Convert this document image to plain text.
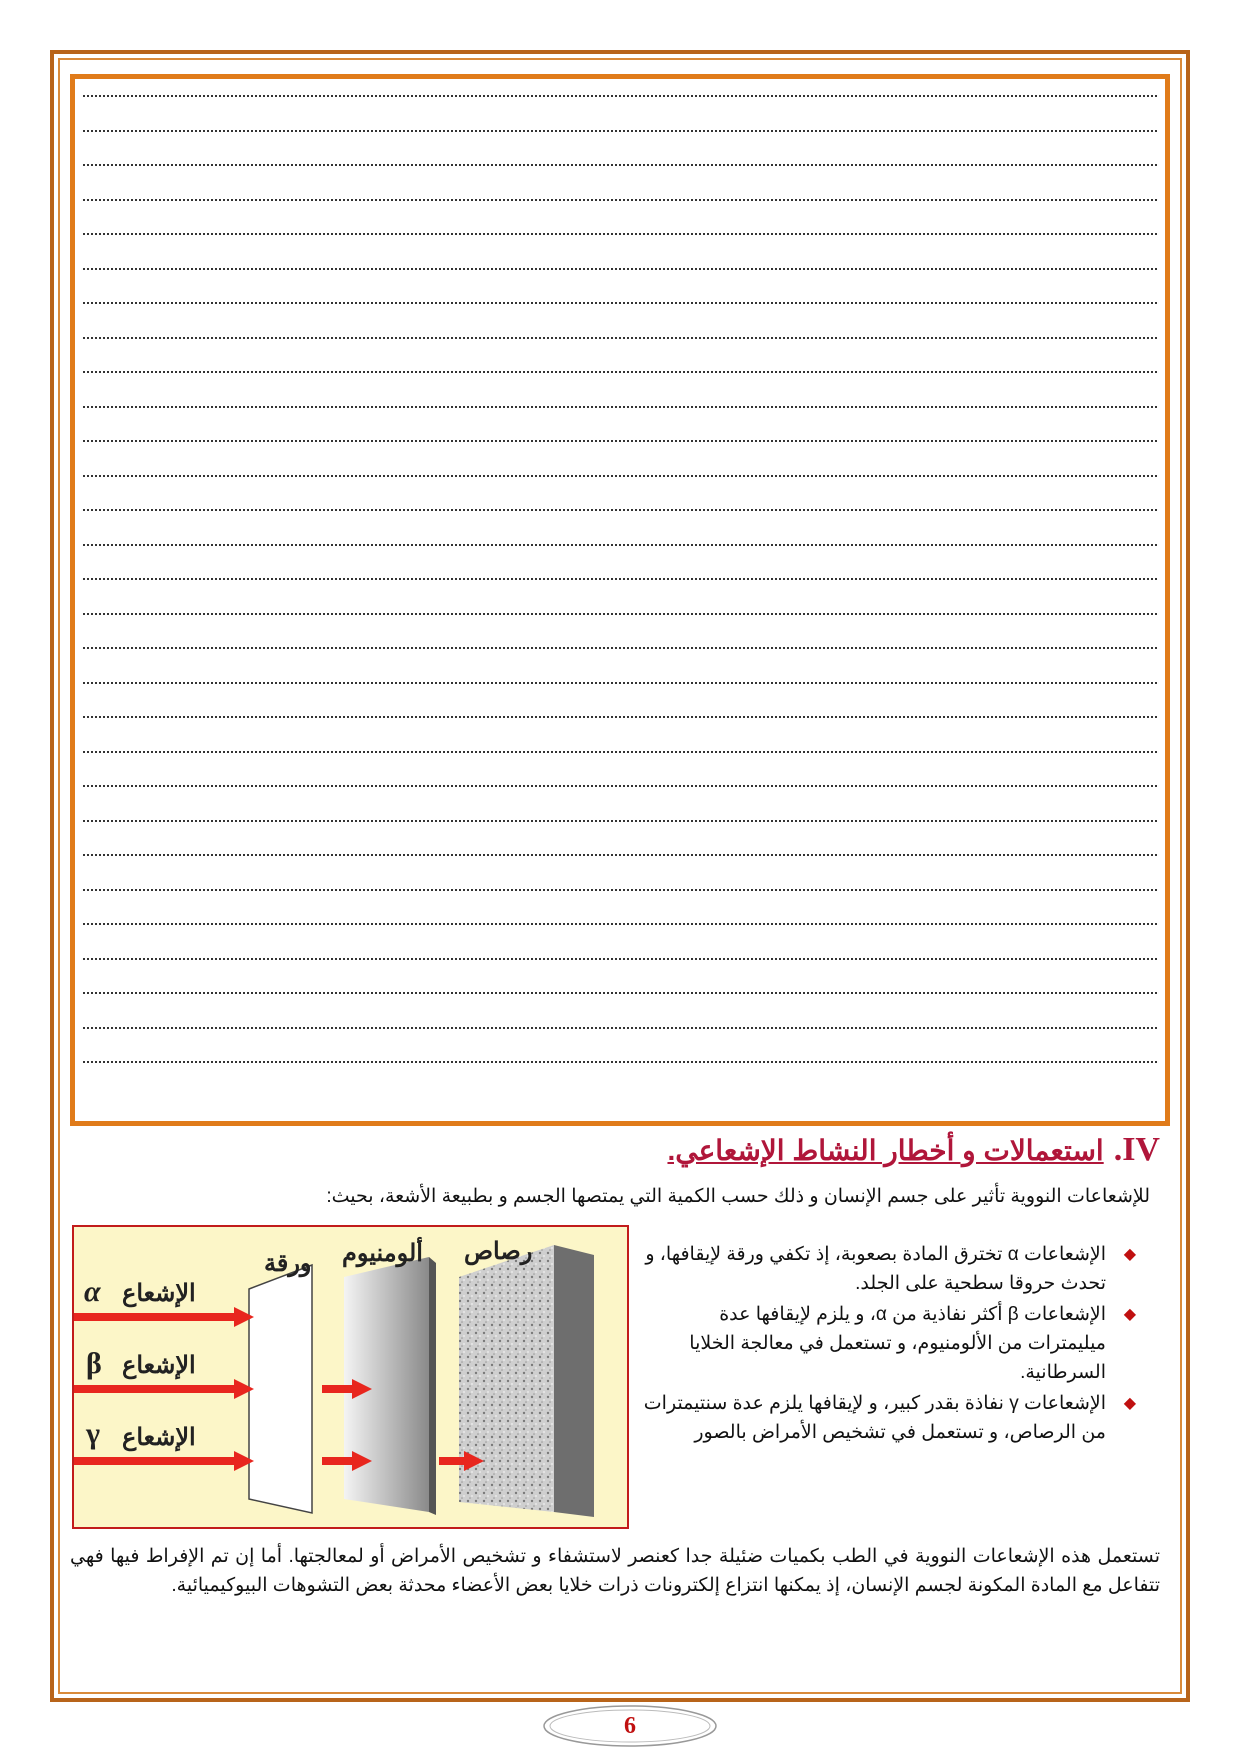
.IV
استعمالات و أخطار النشاط الإشعاعي.
للإشعاعات النووية تأثير على جسم الإنسان و ذلك حسب الكمية التي يمتصها الجسم و بطبيعة الأشعة، بحيث:
◆
الإشعاعات α تخترق المادة بصعوبة، إذ تكفي ورقة لإيقافها، و تحدث حروقا سطحية على الجلد.
◆
الإشعاعات β أكثر نفاذية من α، و يلزم لإيقافها عدة ميليمترات من الألومنيوم، و تستعمل في معالجة الخلايا السرطانية.
◆
الإشعاعات γ نفاذة بقدر كبير، و لإيقافها يلزم عدة سنتيمترات من الرصاص، و تستعمل في تشخيص الأمراض بالصور
رصاص
ألومنيوم
ورقة
α الإشعاع
β الإشعاع
γ الإشعاع
تستعمل هذه الإشعاعات النووية في الطب بكميات ضئيلة جدا كعنصر لاستشفاء و تشخيص الأمراض أو لمعالجتها. أما إن تم الإفراط فيها فهي تتفاعل مع المادة المكونة لجسم الإنسان، إذ يمكنها انتزاع إلكترونات ذرات خلايا بعض الأعضاء محدثة بعض التشوهات البيوكيميائية.
6
